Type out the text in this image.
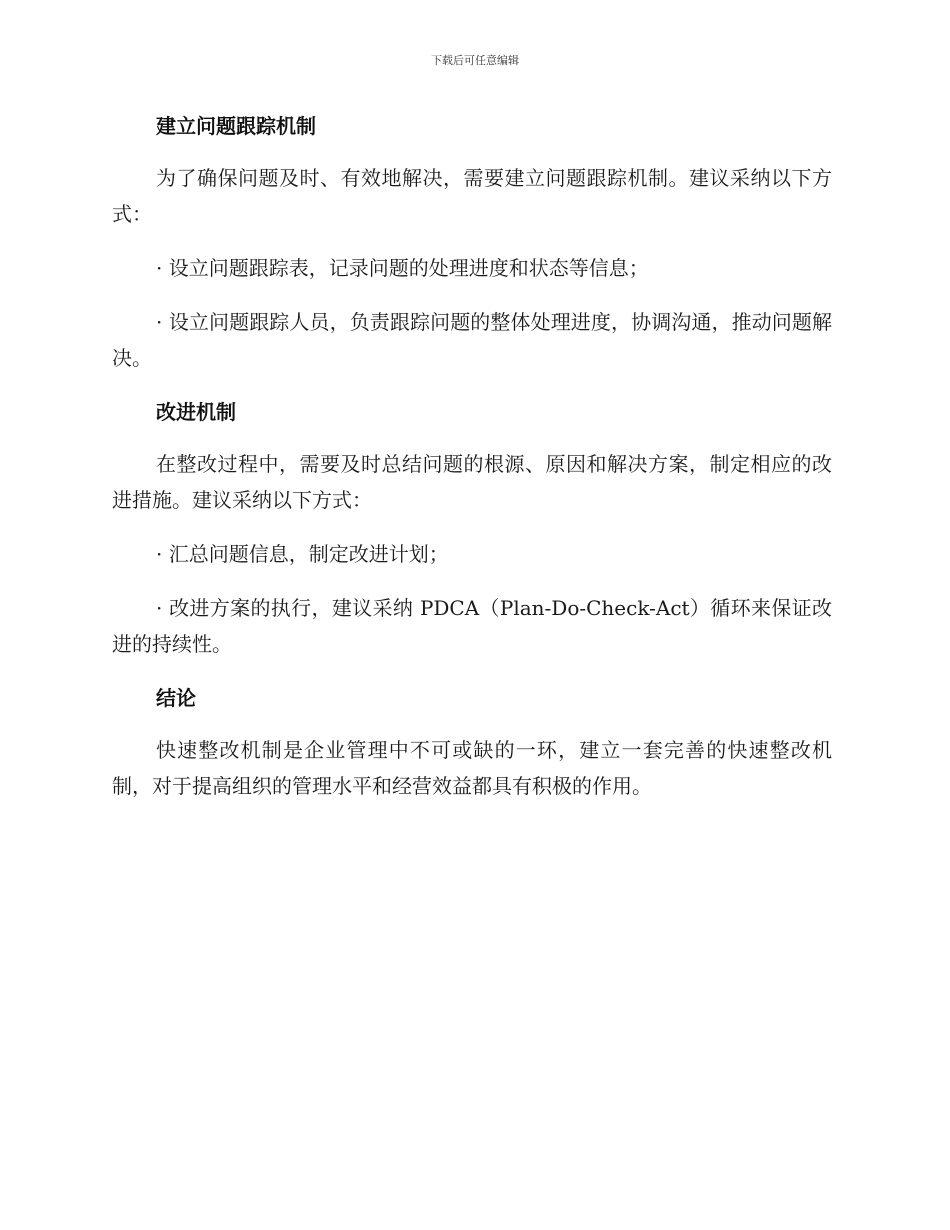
下载后可任意编辑
建立问题跟踪机制

为了确保问题及时、有效地解决，需要建立问题跟踪机制。建议采纳以下方式：

· 设立问题跟踪表，记录问题的处理进度和状态等信息；

· 设立问题跟踪人员，负责跟踪问题的整体处理进度，协调沟通，推动问题解决。

改进机制

在整改过程中，需要及时总结问题的根源、原因和解决方案，制定相应的改进措施。建议采纳以下方式：

· 汇总问题信息，制定改进计划；

· 改进方案的执行，建议采纳 PDCA（Plan-Do-Check-Act）循环来保证改进的持续性。

结论

快速整改机制是企业管理中不可或缺的一环，建立一套完善的快速整改机制，对于提高组织的管理水平和经营效益都具有积极的作用。
